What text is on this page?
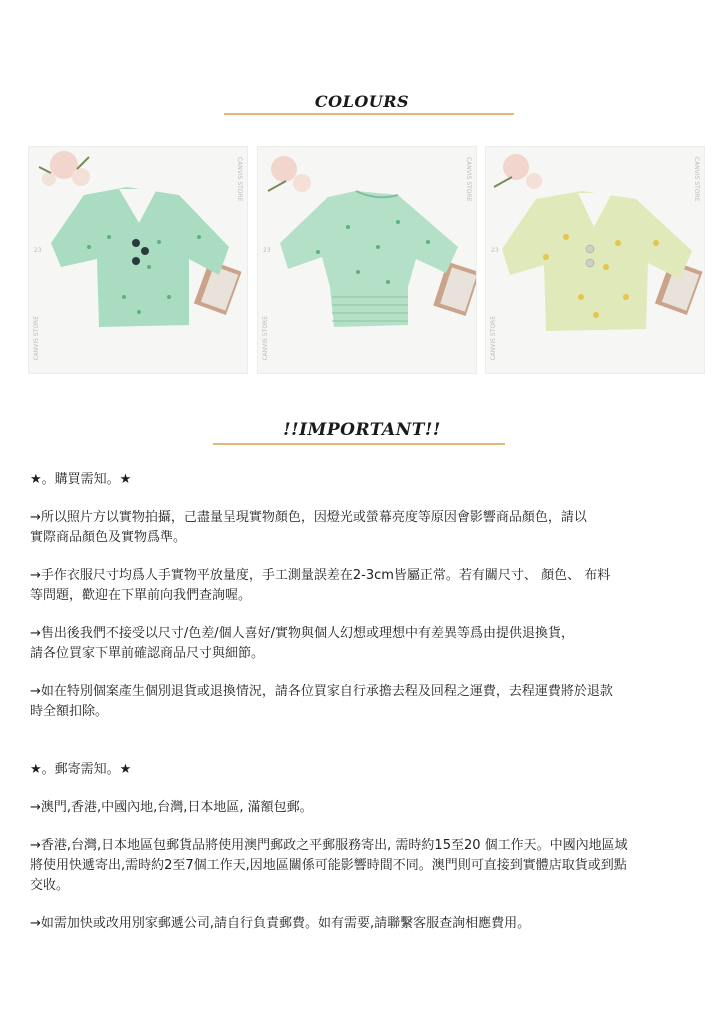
COLOURS
CANVIS STORE
CANVIS STORE
23
CANVIS STORE
CANVIS STORE
23
CANVIS STORE
CANVIS STORE
23
!!IMPORTANT!!

★。購買需知。★

→所以照片方以實物拍攝，己盡量呈現實物顏色，因燈光或螢幕亮度等原因會影響商品顏色，請以
實際商品顏色及實物爲準。

→手作衣服尺寸均爲人手實物平放量度，手工測量誤差在2-3cm皆屬正常。若有關尺寸、 顏色、 布料
等問題，歡迎在下單前向我們查詢喔。

→售出後我們不接受以尺寸/色差/個人喜好/實物與個人幻想或理想中有差異等爲由提供退換貨，
請各位買家下單前確認商品尺寸與細節。

→如在特別個案產生個別退貨或退換情況，請各位買家自行承擔去程及回程之運費，去程運費將於退款
時全額扣除。

★。郵寄需知。★

→澳門,香港,中國內地,台灣,日本地區, 滿額包郵。

→香港,台灣,日本地區包郵貨品將使用澳門郵政之平郵服務寄出, 需時約15至20 個工作天。中國內地區域
將使用快遞寄出,需時約2至7個工作天,因地區關係可能影響時間不同。澳門則可直接到實體店取貨或到點
交收。

→如需加快或改用別家郵遞公司,請自行負責郵費。如有需要,請聯繫客服查詢相應費用。
